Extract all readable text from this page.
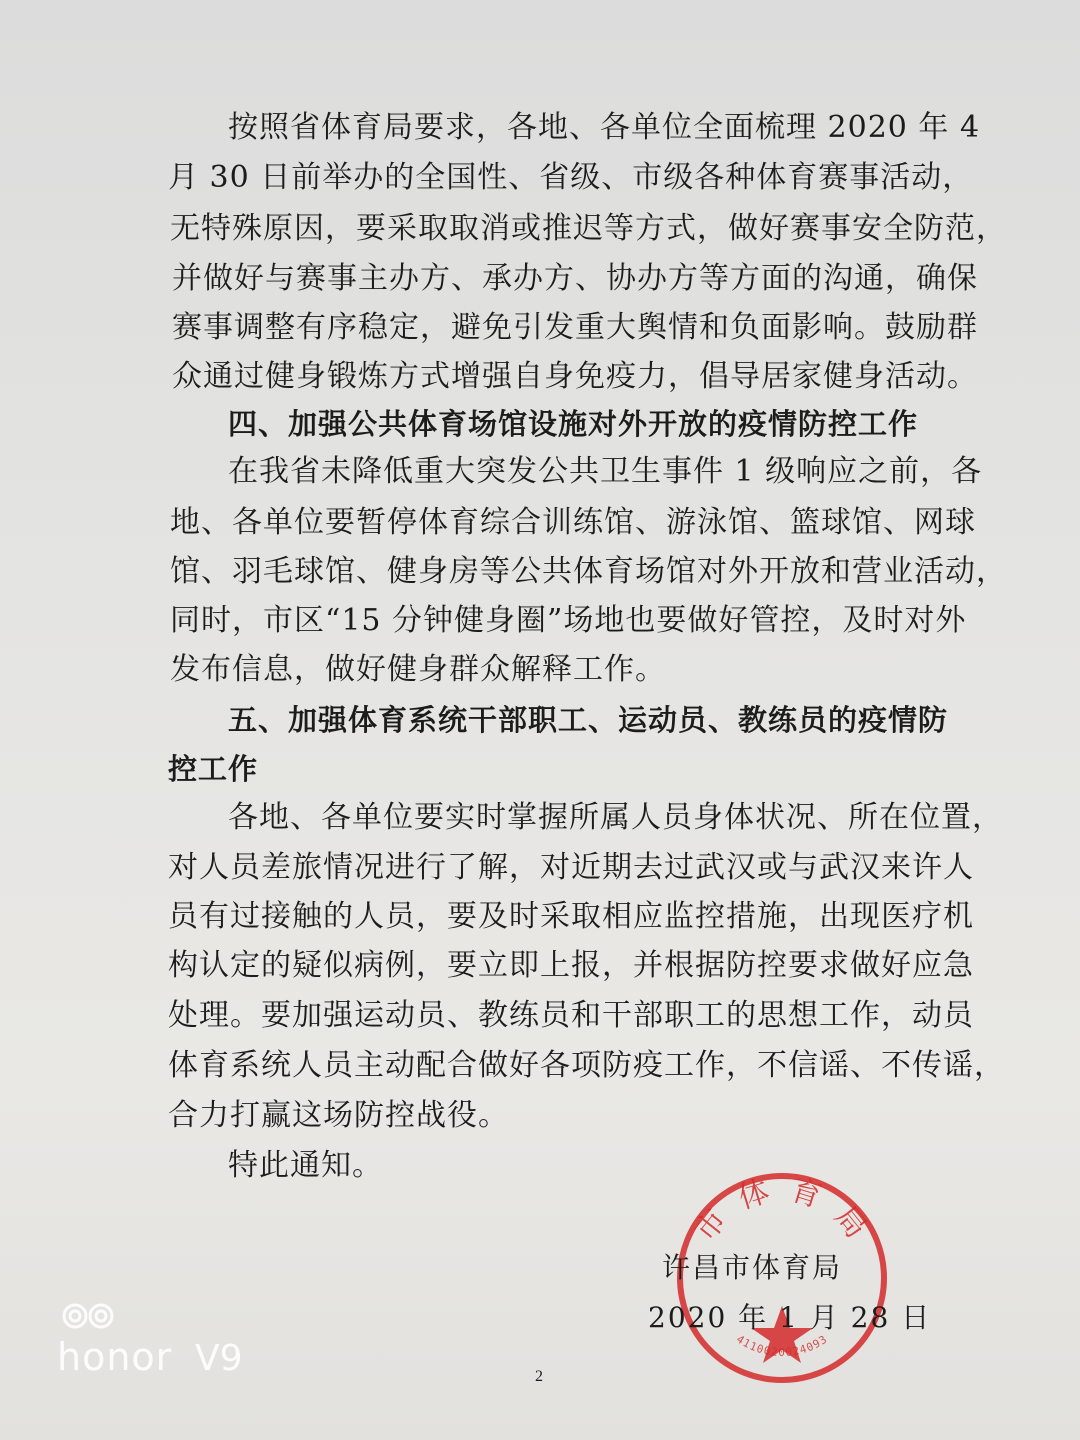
按照省体育局要求，各地、各单位全面梳理 2020 年 4
月 30 日前举办的全国性、省级、市级各种体育赛事活动，
无特殊原因，要采取取消或推迟等方式，做好赛事安全防范，
并做好与赛事主办方、承办方、协办方等方面的沟通，确保
赛事调整有序稳定，避免引发重大舆情和负面影响。鼓励群
众通过健身锻炼方式增强自身免疫力，倡导居家健身活动。
四、加强公共体育场馆设施对外开放的疫情防控工作
在我省未降低重大突发公共卫生事件 1 级响应之前，各
地、各单位要暂停体育综合训练馆、游泳馆、篮球馆、网球
馆、羽毛球馆、健身房等公共体育场馆对外开放和营业活动，
同时，市区“15 分钟健身圈”场地也要做好管控，及时对外
发布信息，做好健身群众解释工作。
五、加强体育系统干部职工、运动员、教练员的疫情防
控工作
各地、各单位要实时掌握所属人员身体状况、所在位置，
对人员差旅情况进行了解，对近期去过武汉或与武汉来许人
员有过接触的人员，要及时采取相应监控措施，出现医疗机
构认定的疑似病例，要立即上报，并根据防控要求做好应急
处理。要加强运动员、教练员和干部职工的思想工作，动员
体育系统人员主动配合做好各项防疫工作，不信谣、不传谣，
合力打赢这场防控战役。
特此通知。
市 体 育 局
4110020024093
许昌市体育局
2020 年 1 月 28 日
honor V9	2
